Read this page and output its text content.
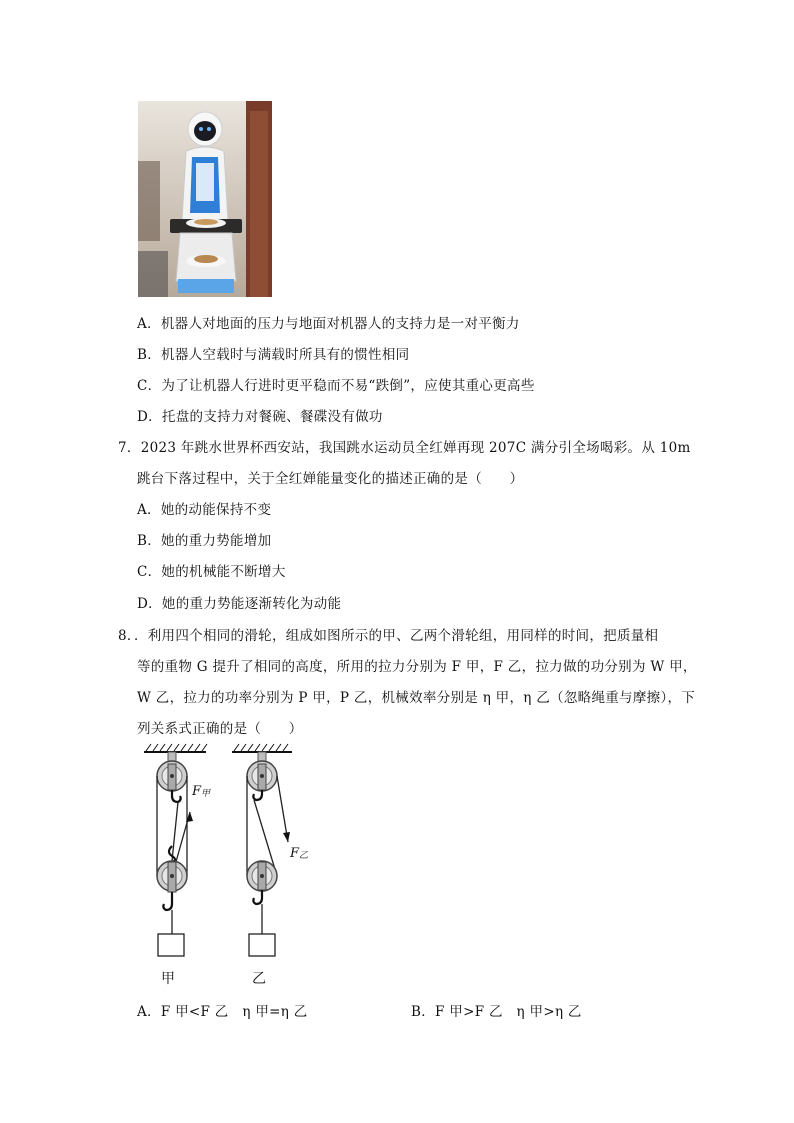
A．机器人对地面的压力与地面对机器人的支持力是一对平衡力
B．机器人空载时与满载时所具有的惯性相同
C．为了让机器人行进时更平稳而不易“跌倒”，应使其重心更高些
D．托盘的支持力对餐碗、餐碟没有做功
7．2023 年跳水世界杯西安站，我国跳水运动员全红婵再现 207C 满分引全场喝彩。从 10m
跳台下落过程中，关于全红婵能量变化的描述正确的是（　　）
A．她的动能保持不变
B．她的重力势能增加
C．她的机械能不断增大
D．她的重力势能逐渐转化为动能
8．．利用四个相同的滑轮，组成如图所示的甲、乙两个滑轮组，用同样的时间，把质量相
等的重物 G 提升了相同的高度，所用的拉力分别为 F 甲，F 乙，拉力做的功分别为 W 甲，
W 乙，拉力的功率分别为 P 甲，P 乙，机械效率分别是 η 甲，η 乙（忽略绳重与摩擦），下
列关系式正确的是（　　）
F甲
F乙
甲	乙
A．F 甲<F 乙　η 甲=η 乙	B．F 甲>F 乙　η 甲>η 乙
